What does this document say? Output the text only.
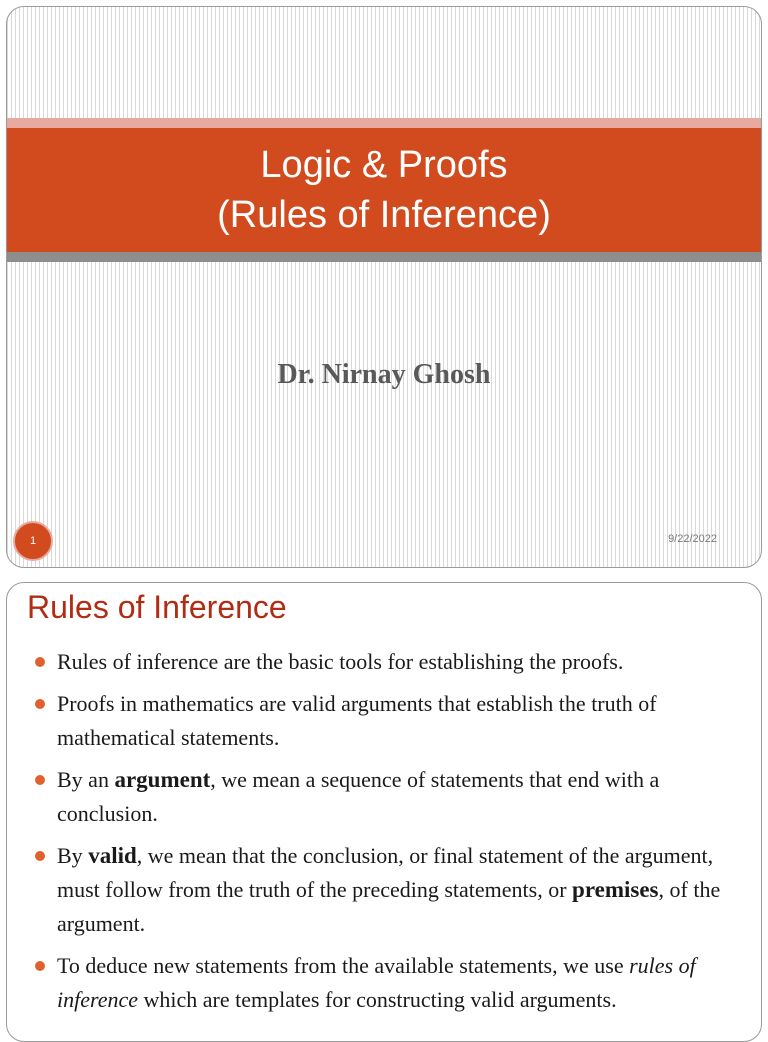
Logic & Proofs
(Rules of Inference)
Dr. Nirnay Ghosh
1	9/22/2022
Rules of Inference
Rules of inference are the basic tools for establishing the proofs.
Proofs in mathematics are valid arguments that establish the truth of mathematical statements.
By an argument, we mean a sequence of statements that end with a conclusion.
By valid, we mean that the conclusion, or final statement of the argument, must follow from the truth of the preceding statements, or premises, of the argument.
To deduce new statements from the available statements, we use rules of inference which are templates for constructing valid arguments.
